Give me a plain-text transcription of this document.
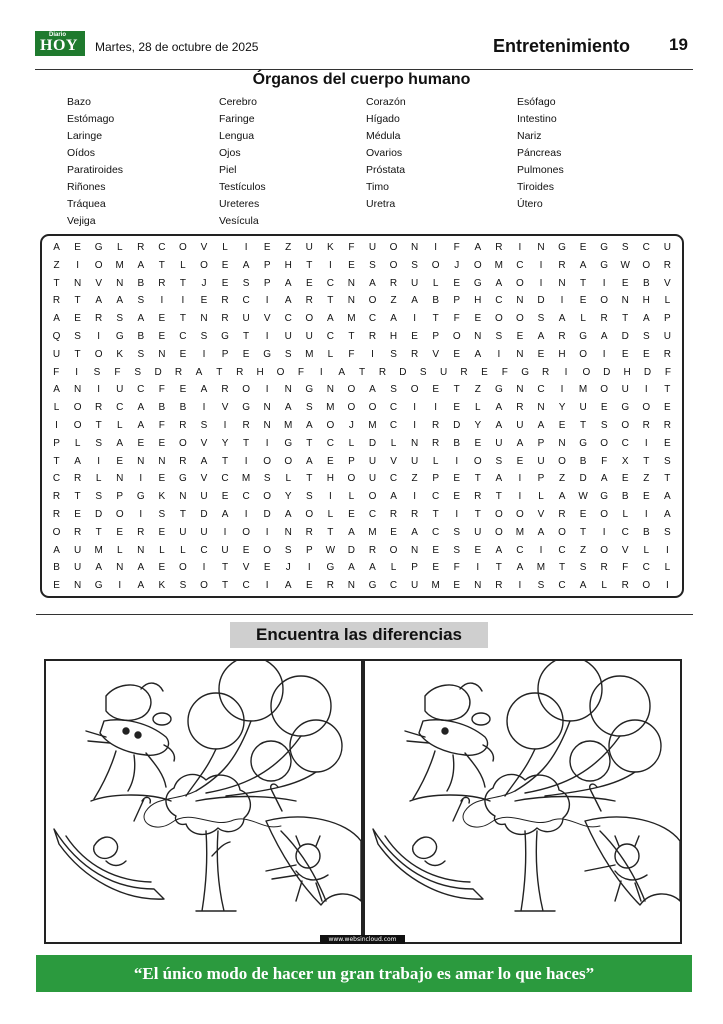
Diario
HOY Martes, 28 de octubre de 2025	Entretenimiento 19
Órganos del cuerpo humano
Bazo
Estómago
Laringe
Oídos
Paratiroides
Riñones
Tráquea
Vejiga
Cerebro
Faringe
Lengua
Ojos
Piel
Testículos
Ureteres
Vesícula
Corazón
Hígado
Médula
Ovarios
Próstata
Timo
Uretra
Esófago
Intestino
Nariz
Páncreas
Pulmones
Tiroides
Útero
A	E	G	L	R	C	O	V	L	I	E	Z	U	K	F	U	O	N	I	F	A	R	I	N	G	E	G	S	C	U
Z	I	O	M	A	T	L	O	E	A	P	H	T	I	E	S	O	S	O	J	O	M	C	I	R	A	G	W	O	R
T	N	V	N	B	R	T	J	E	S	P	A	E	C	N	A	R	U	L	E	G	A	O	I	N	T	I	E	B	V
R	T	A	A	S	I	I	E	R	C	I	A	R	T	N	O	Z	A	B	P	H	C	N	D	I	E	O	N	H	L
A	E	R	S	A	E	T	N	R	U	V	C	O	A	M	C	A	I	T	F	E	O	O	S	A	L	R	T	A	P
Q	S	I	G	B	E	C	S	G	T	I	U	U	C	T	R	H	E	P	O	N	S	E	A	R	G	A	D	S	U
U	T	O	K	S	N	E	I	P	E	G	S	M	L	F	I	S	R	V	E	A	I	N	E	H	O	I	E	E	R
F	I	S	F	S	D	R	A	T	R	H	O	F	I	A	T	R	D	S	U	R	E	F	G	R	I	O	D	H	D	F
A	N	I	U	C	F	E	A	R	O	I	N	G	N	O	A	S	O	E	T	Z	G	N	C	I	M	O	U	I	T
L	O	R	C	A	B	B	I	V	G	N	A	S	M	O	O	C	I	I	E	L	A	R	N	Y	U	E	G	O	E
I	O	T	L	A	F	R	S	I	R	N	M	A	O	J	M	C	I	R	D	Y	A	U	A	E	T	S	O	R	R
P	L	S	A	E	E	O	V	Y	T	I	G	T	C	L	D	L	N	R	B	E	U	A	P	N	G	O	C	I	E
T	A	I	E	N	N	R	A	T	I	O	O	A	E	P	U	V	U	L	I	O	S	E	U	O	B	F	X	T	S
C	R	L	N	I	E	G	V	C	M	S	L	T	H	O	U	C	Z	P	E	T	A	I	P	Z	D	A	E	Z	T
R	T	S	P	G	K	N	U	E	C	O	Y	S	I	L	O	A	I	C	E	R	T	I	L	A	W	G	B	E	A
R	E	D	O	I	S	T	D	A	I	D	A	O	L	E	C	R	R	T	I	T	O	O	V	R	E	O	L	I	A
O	R	T	E	R	E	U	U	I	O	I	N	R	T	A	M	E	A	C	S	U	O	M	A	O	T	I	C	B	S
A	U	M	L	N	L	L	C	U	E	O	S	P	W	D	R	O	N	E	S	E	A	C	I	C	Z	O	V	L	I
B	U	A	N	A	E	O	I	T	V	E	J	I	G	A	A	L	P	E	F	I	T	A	M	T	S	R	F	C	L
E	N	G	I	A	K	S	O	T	C	I	A	E	R	N	G	C	U	M	E	N	R	I	S	C	A	L	R	O	I
Encuentra las diferencias
www.websincloud.com
“El único modo de hacer un gran trabajo es amar lo que haces”
